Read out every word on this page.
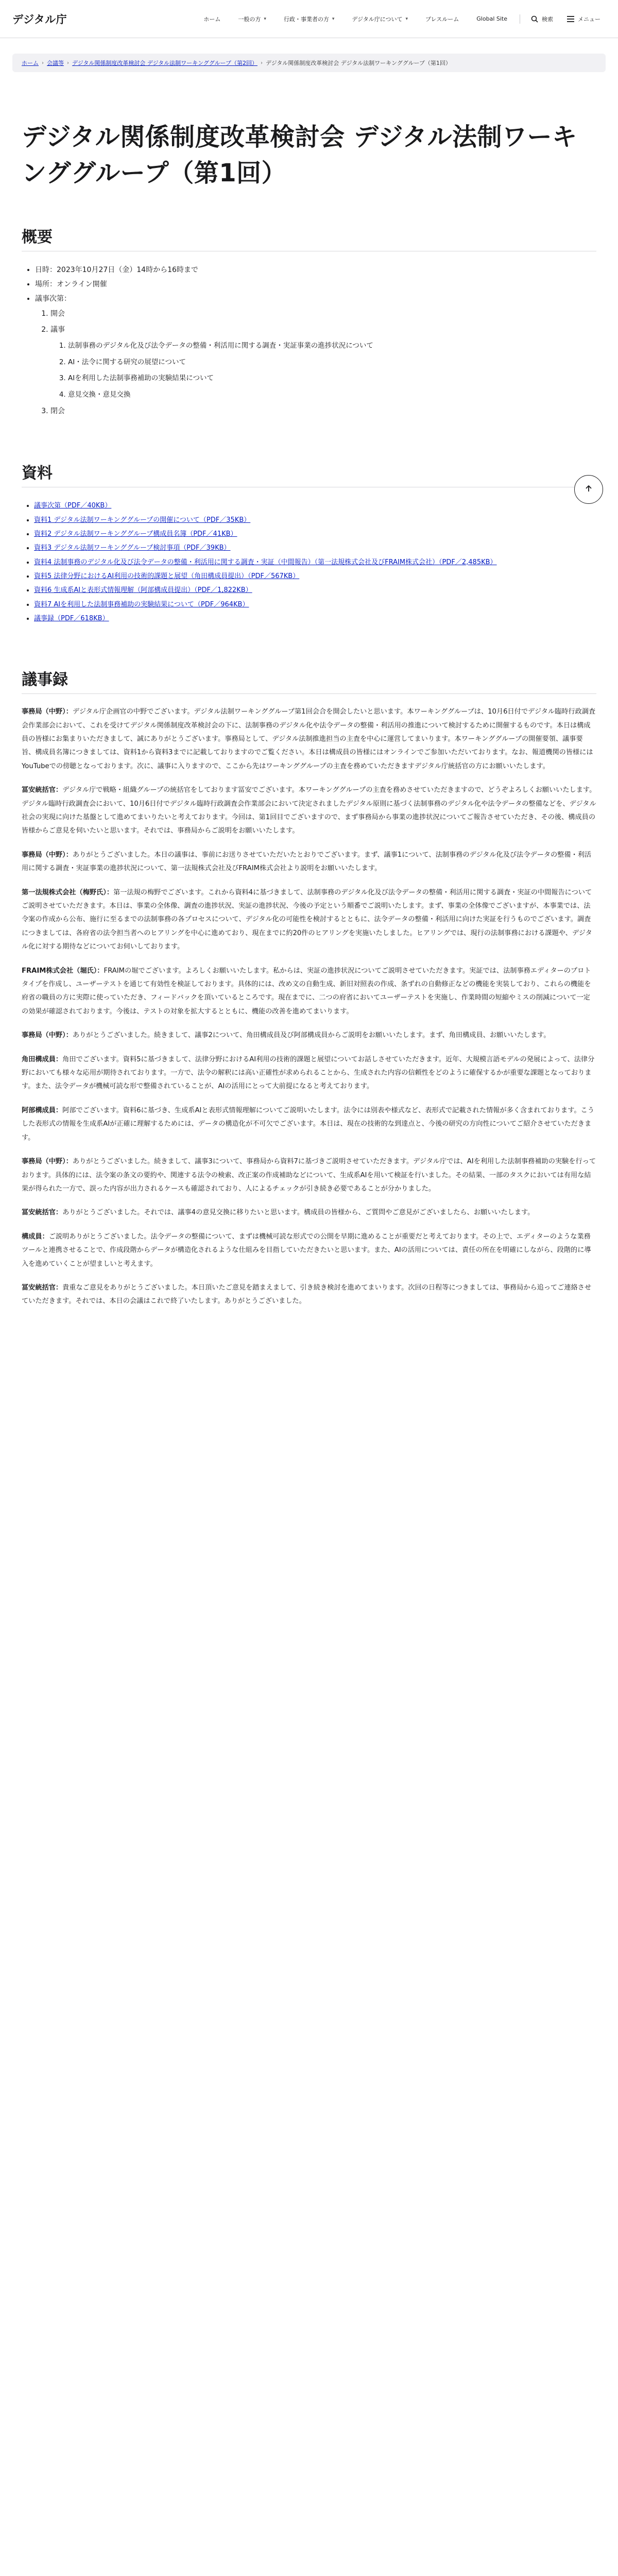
デジタル庁	ホーム	一般の方 ▾	行政・事業者の方 ▾	デジタル庁について ▾	プレスルーム	Global Site	検索	メニュー
ホーム › 会議等 › デジタル関係制度改革検討会 デジタル法制ワーキンググループ（第2回） › デジタル関係制度改革検討会 デジタル法制ワーキンググループ（第1回）
デジタル関係制度改革検討会 デジタル法制ワーキンググループ（第1回）
概要
• 日時：2023年10月27日（金）14時から16時まで
• 場所：オンライン開催
• 議事次第：
1. 開会
2. 議事
1. 法制事務のデジタル化及び法令データの整備・利活用に関する調査・実証事業の進捗状況について
2. AI・法令に関する研究の展望について
3. AIを利用した法制事務補助の実験結果について
4. 意見交換・意見交換
3. 閉会
資料
• 議事次第（PDF／40KB）
• 資料1 デジタル法制ワーキンググループの開催について（PDF／35KB）
• 資料2 デジタル法制ワーキンググループ構成員名簿（PDF／41KB）
• 資料3 デジタル法制ワーキンググループ検討事項（PDF／39KB）
• 資料4 法制事務のデジタル化及び法令データの整備・利活用に関する調査・実証（中間報告）（第一法規株式会社及びFRAIM株式会社）（PDF／2,485KB）
• 資料5 法律分野におけるAI利用の技術的課題と展望（角田構成員提出）（PDF／567KB）
• 資料6 生成系AIと表形式情報理解（阿部構成員提出）（PDF／1,822KB）
• 資料7 AIを利用した法制事務補助の実験結果について（PDF／964KB）
• 議事録（PDF／618KB）
議事録

事務局（中野）：デジタル庁企画官の中野でございます。デジタル法制ワーキンググループ第1回会合を開会したいと思います。本ワーキンググループは、10月6日付でデジタル臨時行政調査会作業部会において、これを受けてデジタル関係制度改革検討会の下に、法制事務のデジタル化や法令データの整備・利活用の推進について検討するために開催するものです。本日は構成員の皆様にお集まりいただきまして、誠にありがとうございます。事務局として、デジタル法制推進担当の主査を中心に運営してまいります。本ワーキンググループの開催要領、議事要旨、構成員名簿につきましては、資料1から資料3までに記載しておりますのでご覧ください。本日は構成員の皆様にはオンラインでご参加いただいております。なお、報道機関の皆様にはYouTubeでの傍聴となっております。次に、議事に入りますので、ここから先はワーキンググループの主査を務めていただきますデジタル庁統括官の方にお願いいたします。

冨安統括官：デジタル庁で戦略・組織グループの統括官をしております冨安でございます。本ワーキンググループの主査を務めさせていただきますので、どうぞよろしくお願いいたします。デジタル臨時行政調査会において、10月6日付でデジタル臨時行政調査会作業部会において決定されましたデジタル原則に基づく法制事務のデジタル化や法令データの整備などを、デジタル社会の実現に向けた基盤として進めてまいりたいと考えております。今回は、第1回目でございますので、まず事務局から事業の進捗状況についてご報告させていただき、その後、構成員の皆様からご意見を伺いたいと思います。それでは、事務局からご説明をお願いいたします。

事務局（中野）：ありがとうございました。本日の議事は、事前にお送りさせていただいたとおりでございます。まず、議事1について、法制事務のデジタル化及び法令データの整備・利活用に関する調査・実証事業の進捗状況について、第一法規株式会社及びFRAIM株式会社より説明をお願いいたします。

第一法規株式会社（梅野氏）：第一法規の梅野でございます。これから資料4に基づきまして、法制事務のデジタル化及び法令データの整備・利活用に関する調査・実証の中間報告についてご説明させていただきます。本日は、事業の全体像、調査の進捗状況、実証の進捗状況、今後の予定という順番でご説明いたします。まず、事業の全体像でございますが、本事業では、法令案の作成から公布、施行に至るまでの法制事務の各プロセスについて、デジタル化の可能性を検討するとともに、法令データの整備・利活用に向けた実証を行うものでございます。調査につきましては、各府省の法令担当者へのヒアリングを中心に進めており、現在までに約20件のヒアリングを実施いたしました。ヒアリングでは、現行の法制事務における課題や、デジタル化に対する期待などについてお伺いしております。

FRAIM株式会社（堀氏）：FRAIMの堀でございます。よろしくお願いいたします。私からは、実証の進捗状況についてご説明させていただきます。実証では、法制事務エディターのプロトタイプを作成し、ユーザーテストを通じて有効性を検証しております。具体的には、改め文の自動生成、新旧対照表の作成、条ずれの自動修正などの機能を実装しており、これらの機能を府省の職員の方に実際に使っていただき、フィードバックを頂いているところです。現在までに、二つの府省においてユーザーテストを実施し、作業時間の短縮やミスの削減について一定の効果が確認されております。今後は、テストの対象を拡大するとともに、機能の改善を進めてまいります。

事務局（中野）：ありがとうございました。続きまして、議事2について、角田構成員及び阿部構成員からご説明をお願いいたします。まず、角田構成員、お願いいたします。

角田構成員：角田でございます。資料5に基づきまして、法律分野におけるAI利用の技術的課題と展望についてお話しさせていただきます。近年、大規模言語モデルの発展によって、法律分野においても様々な応用が期待されております。一方で、法令の解釈には高い正確性が求められることから、生成された内容の信頼性をどのように確保するかが重要な課題となっております。また、法令データが機械可読な形で整備されていることが、AIの活用にとって大前提になると考えております。

阿部構成員：阿部でございます。資料6に基づき、生成系AIと表形式情報理解についてご説明いたします。法令には別表や様式など、表形式で記載された情報が多く含まれております。こうした表形式の情報を生成系AIが正確に理解するためには、データの構造化が不可欠でございます。本日は、現在の技術的な到達点と、今後の研究の方向性についてご紹介させていただきます。

事務局（中野）：ありがとうございました。続きまして、議事3について、事務局から資料7に基づきご説明させていただきます。デジタル庁では、AIを利用した法制事務補助の実験を行っております。具体的には、法令案の条文の要約や、関連する法令の検索、改正案の作成補助などについて、生成系AIを用いて検証を行いました。その結果、一部のタスクにおいては有用な結果が得られた一方で、誤った内容が出力されるケースも確認されており、人によるチェックが引き続き必要であることが分かりました。

冨安統括官：ありがとうございました。それでは、議事4の意見交換に移りたいと思います。構成員の皆様から、ご質問やご意見がございましたら、お願いいたします。

構成員：ご説明ありがとうございました。法令データの整備について、まずは機械可読な形式での公開を早期に進めることが重要だと考えております。その上で、エディターのような業務ツールと連携させることで、作成段階からデータが構造化されるような仕組みを目指していただきたいと思います。また、AIの活用については、責任の所在を明確にしながら、段階的に導入を進めていくことが望ましいと考えます。

冨安統括官：貴重なご意見をありがとうございました。本日頂いたご意見を踏まえまして、引き続き検討を進めてまいります。次回の日程等につきましては、事務局から追ってご連絡させていただきます。それでは、本日の会議はこれで終了いたします。ありがとうございました。
